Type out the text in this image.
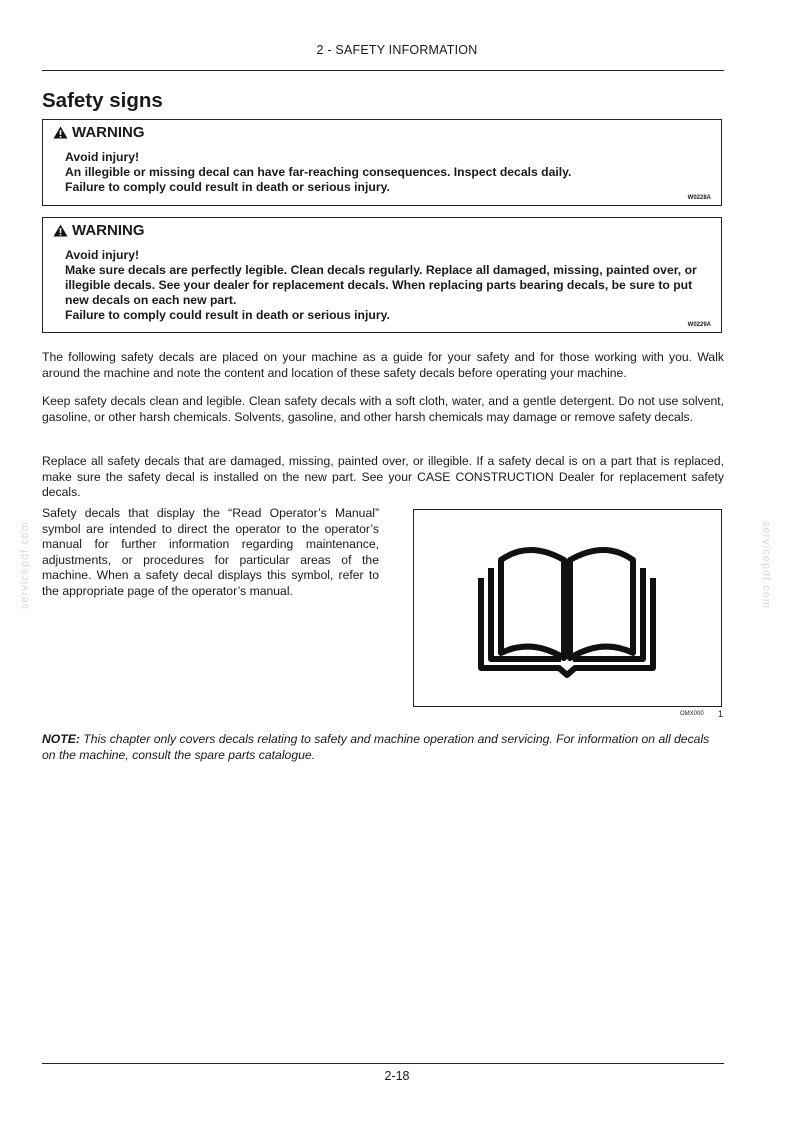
2 - SAFETY INFORMATION
Safety signs
WARNING
Avoid injury!
An illegible or missing decal can have far-reaching consequences. Inspect decals daily.
Failure to comply could result in death or serious injury.
W0228A
WARNING
Avoid injury!
Make sure decals are perfectly legible. Clean decals regularly. Replace all damaged, missing, painted over, or illegible decals. See your dealer for replacement decals. When replacing parts bearing decals, be sure to put new decals on each new part.
Failure to comply could result in death or serious injury.
W0229A

The following safety decals are placed on your machine as a guide for your safety and for those working with you. Walk around the machine and note the content and location of these safety decals before operating your machine.

Keep safety decals clean and legible. Clean safety decals with a soft cloth, water, and a gentle detergent. Do not use solvent, gasoline, or other harsh chemicals. Solvents, gasoline, and other harsh chemicals may damage or remove safety decals.

Replace all safety decals that are damaged, missing, painted over, or illegible. If a safety decal is on a part that is replaced, make sure the safety decal is installed on the new part. See your CASE CONSTRUCTION Dealer for replacement safety decals.

Safety decals that display the “Read Operator’s Manual” symbol are intended to direct the operator to the operator’s manual for further information regarding maintenance, adjustments, or procedures for particular areas of the machine. When a safety decal displays this symbol, refer to the appropriate page of the operator’s manual.

OMX000 1

NOTE: This chapter only covers decals relating to safety and machine operation and servicing. For information on all decals on the machine, consult the spare parts catalogue.

2-18
servicepdf.com	servicepdf.com
